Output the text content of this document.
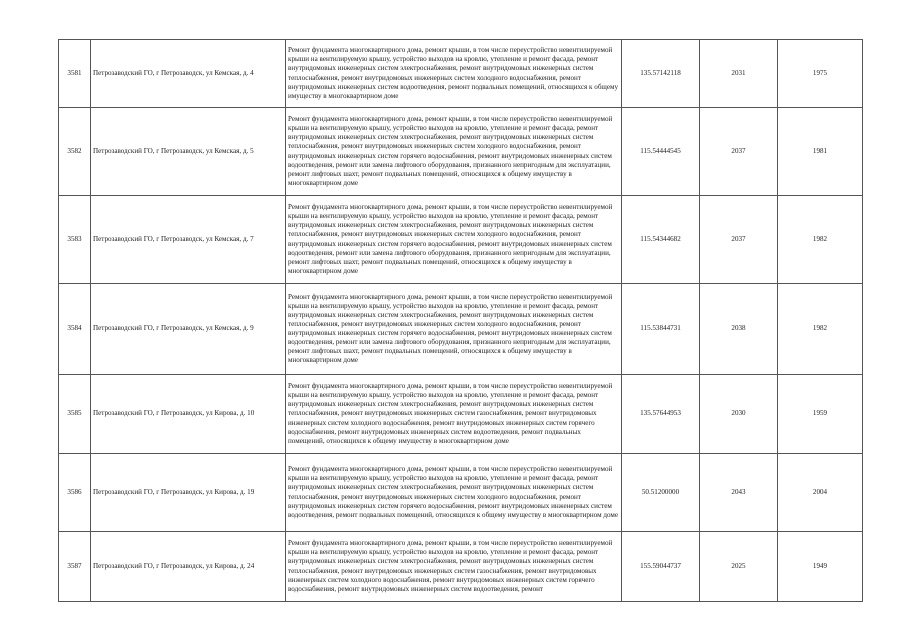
3581	Петрозаводский ГО, г Петрозаводск, ул Кемская, д. 4	Ремонт фундамента многоквартирного дома, ремонт крыши, в том числе переустройство невентилируемой крыши на вентилируемую крышу, устройство выходов на кровлю, утепление и ремонт фасада, ремонт внутридомовых инженерных систем электроснабжения, ремонт внутридомовых инженерных систем теплоснабжения, ремонт внутридомовых инженерных систем холодного водоснабжения, ремонт внутридомовых инженерных систем водоотведения, ремонт подвальных помещений, относящихся к общему имуществу в многоквартирном доме	135.57142118	2031	1975
3582	Петрозаводский ГО, г Петрозаводск, ул Кемская, д. 5	Ремонт фундамента многоквартирного дома, ремонт крыши, в том числе переустройство невентилируемой крыши на вентилируемую крышу, устройство выходов на кровлю, утепление и ремонт фасада, ремонт внутридомовых инженерных систем электроснабжения, ремонт внутридомовых инженерных систем теплоснабжения, ремонт внутридомовых инженерных систем холодного водоснабжения, ремонт внутридомовых инженерных систем горячего водоснабжения, ремонт внутридомовых инженерных систем водоотведения, ремонт или замена лифтового оборудования, признанного непригодным для эксплуатации, ремонт лифтовых шахт, ремонт подвальных помещений, относящихся к общему имуществу в многоквартирном доме	115.54444545	2037	1981
3583	Петрозаводский ГО, г Петрозаводск, ул Кемская, д. 7	Ремонт фундамента многоквартирного дома, ремонт крыши, в том числе переустройство невентилируемой крыши на вентилируемую крышу, устройство выходов на кровлю, утепление и ремонт фасада, ремонт внутридомовых инженерных систем электроснабжения, ремонт внутридомовых инженерных систем теплоснабжения, ремонт внутридомовых инженерных систем холодного водоснабжения, ремонт внутридомовых инженерных систем горячего водоснабжения, ремонт внутридомовых инженерных систем водоотведения, ремонт или замена лифтового оборудования, признанного непригодным для эксплуатации, ремонт лифтовых шахт, ремонт подвальных помещений, относящихся к общему имуществу в многоквартирном доме	115.54344682	2037	1982
3584	Петрозаводский ГО, г Петрозаводск, ул Кемская, д. 9	Ремонт фундамента многоквартирного дома, ремонт крыши, в том числе переустройство невентилируемой крыши на вентилируемую крышу, устройство выходов на кровлю, утепление и ремонт фасада, ремонт внутридомовых инженерных систем электроснабжения, ремонт внутридомовых инженерных систем теплоснабжения, ремонт внутридомовых инженерных систем холодного водоснабжения, ремонт внутридомовых инженерных систем горячего водоснабжения, ремонт внутридомовых инженерных систем водоотведения, ремонт или замена лифтового оборудования, признанного непригодным для эксплуатации, ремонт лифтовых шахт, ремонт подвальных помещений, относящихся к общему имуществу в многоквартирном доме	115.53844731	2038	1982
3585	Петрозаводский ГО, г Петрозаводск, ул Кирова, д. 10	Ремонт фундамента многоквартирного дома, ремонт крыши, в том числе переустройство невентилируемой крыши на вентилируемую крышу, устройство выходов на кровлю, утепление и ремонт фасада, ремонт внутридомовых инженерных систем электроснабжения, ремонт внутридомовых инженерных систем теплоснабжения, ремонт внутридомовых инженерных систем газоснабжения, ремонт внутридомовых инженерных систем холодного водоснабжения, ремонт внутридомовых инженерных систем горячего водоснабжения, ремонт внутридомовых инженерных систем водоотведения, ремонт подвальных помещений, относящихся к общему имуществу в многоквартирном доме	135.57644953	2030	1959
3586	Петрозаводский ГО, г Петрозаводск, ул Кирова, д. 19	Ремонт фундамента многоквартирного дома, ремонт крыши, в том числе переустройство невентилируемой крыши на вентилируемую крышу, устройство выходов на кровлю, утепление и ремонт фасада, ремонт внутридомовых инженерных систем электроснабжения, ремонт внутридомовых инженерных систем теплоснабжения, ремонт внутридомовых инженерных систем холодного водоснабжения, ремонт внутридомовых инженерных систем горячего водоснабжения, ремонт внутридомовых инженерных систем водоотведения, ремонт подвальных помещений, относящихся к общему имуществу в многоквартирном доме	50.51200000	2043	2004
3587	Петрозаводский ГО, г Петрозаводск, ул Кирова, д. 24	Ремонт фундамента многоквартирного дома, ремонт крыши, в том числе переустройство невентилируемой крыши на вентилируемую крышу, устройство выходов на кровлю, утепление и ремонт фасада, ремонт внутридомовых инженерных систем электроснабжения, ремонт внутридомовых инженерных систем теплоснабжения, ремонт внутридомовых инженерных систем газоснабжения, ремонт внутридомовых инженерных систем холодного водоснабжения, ремонт внутридомовых инженерных систем горячего водоснабжения, ремонт внутридомовых инженерных систем водоотведения, ремонт	155.59044737	2025	1949
